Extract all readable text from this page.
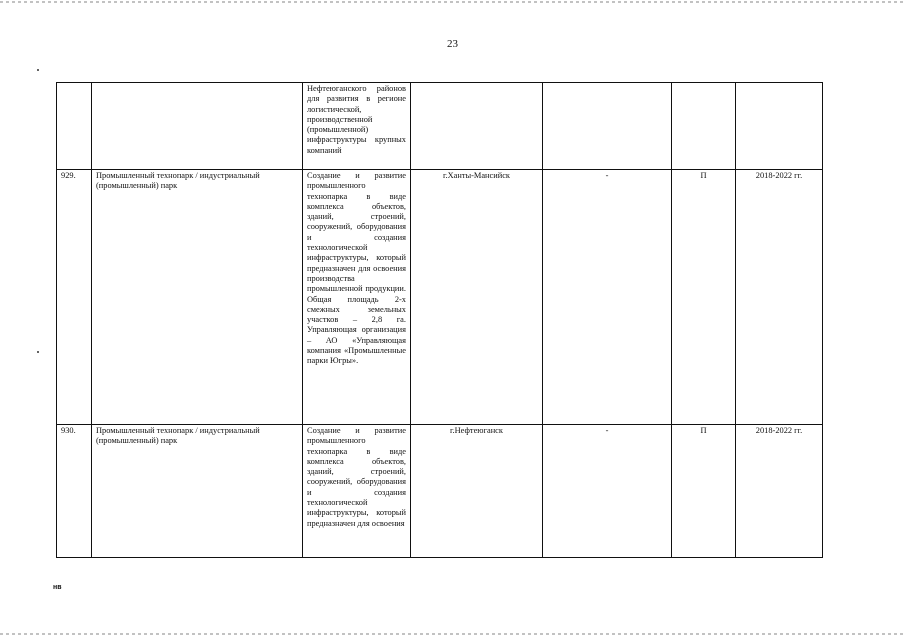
23
		Нефтеюганского районов для развития в регионе логистической, производственной (промышленной) инфраструктуры крупных компаний				
929.	Промышленный технопарк / индустриальный (промышленный) парк	Создание и развитие промышленного технопарка в виде комплекса объектов, зданий, строений, сооружений, оборудования и создания технологической инфраструктуры, который предназначен для освоения производства промышленной продукции. Общая площадь 2-х смежных земельных участков – 2,8 га. Управляющая организация – АО «Управляющая компания «Промышленные парки Югры».	г.Ханты-Мансийск	-	П	2018-2022 гг.
930.	Промышленный технопарк / индустриальный (промышленный) парк	Создание и развитие промышленного технопарка в виде комплекса объектов, зданий, строений, сооружений, оборудования и создания технологической инфраструктуры, который предназначен для освоения	г.Нефтеюганск	-	П	2018-2022 гг.
нв
